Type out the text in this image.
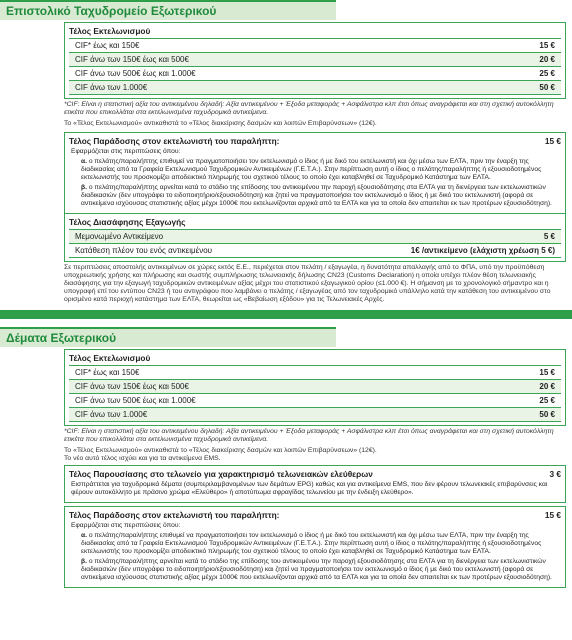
Επιστολικό Ταχυδρομείο Εξωτερικού
Τέλος Εκτελωνισμού
CIF* έως και 150€	15 €
CIF άνω των 150€ έως και 500€	20 €
CIF άνω των 500€ έως και 1.000€	25 €
CIF άνω των 1.000€	50 €
*CIF: Είναι η στατιστική αξία του αντικειμένου δηλαδή: Αξία αντικειμένου + Έξοδα μεταφοράς + Ασφάλιστρα κλπ έτσι όπως αναγράφεται και στη σχετική αυτοκόλλητη ετικέτα που επικολλάται στα εκτελωνισμένα ταχυδρομικά αντικείμενα.
Το «Τέλος Εκτελωνισμού» αντικαθιστά το «Τέλος διακείρισης δασμών και λοιπών Επιβαρύνσεων» (12€).
Τέλος Παράδοσης στον εκτελωνιστή του παραλήπτη:	15 €

Εφαρμόζεται στις περιπτώσεις όπου:

α. ο πελάτης/παραλήπτης επιθυμεί να πραγματοποιήσει τον εκτελωνισμό ο ίδιος ή με δικό του εκτελωνιστή και όχι μέσω των ΕΛΤΑ, πριν την έναρξη της διαδικασίας από τα Γραφεία Εκτελωνισμού Ταχυδρομικών Αντικειμένων (Γ.Ε.Τ.Α.). Στην περίπτωση αυτή ο ίδιος ο πελάτης/παραλήπτης ή εξουσιοδοτημένος εκτελωνιστής του προσκομίζει αποδεικτικό πληρωμής του σχετικού τέλους το οποίο έχει καταβληθεί σε Ταχυδρομικό Κατάστημα των ΕΛΤΑ.

β. ο πελάτης/παραλήπτης αρνείται κατά το στάδιο της επίδοσης του αντικειμένου την παροχή εξουσιοδότησης στα ΕΛΤΑ για τη διενέργεια των εκτελωνιστικών διαδικασιών (δεν υπογράφει το ειδοποιητήριο/εξουσιοδότηση) και ζητεί να πραγματοποιήσει τον εκτελωνισμό ο ίδιος ή με δικό του εκτελωνιστή (αφορά σε αντικείμενα ισχύουσας στατιστικής αξίας μέχρι 1000€ που εκτελωνίζονται αρχικά από τα ΕΛΤΑ και για τα οποία δεν απαιτείται εκ των προτέρων εξουσιοδότηση).

Τέλος Διασάφησης Εξαγωγής
Μεμονωμένο Αντικείμενο	5 €
Κατάθεση πλέον του ενός αντικειμένου	1€ /αντικείμενο (ελάχιστη χρέωση 5 €)
Σε περιπτώσεις αποστολής αντικειμένων σε χώρες εκτός Ε.Ε., περιέχεται στον πελάτη / εξαγωγέα, η δυνατότητα απαλλαγής από το ΦΠΑ, υπό την προϋπόθεση υποχρεωτικής χρήσης και πλήρωσης και σωστής συμπλήρωσης τελωνειακής δήλωσης CN23 (Customs Declaration) η οποία υπέχει πλέον θέση τελωνειακής διασάφησης για την εξαγωγή ταχυδρομικών αντικειμένων αξίας μέχρι του στατιστικού εξαγωγικού ορίου (≤1.000 €). Η σήμανση με το χρονολογικό σήμαντρο και η υπογραφή επί του εντύπου CN23 ή του αντιγράφου που λαμβάνει ο πελάτης / εξαγωγέας από τον ταχυδρομικό υπάλληλο κατά την κατάθεση του αντικειμένου στο ορισμένο κατά περιοχή κατάστημα των ΕΛΤΑ, θεωρείται ως «Βεβαίωση εξόδου» για τις Τελωνειακές Αρχές.
Δέματα Εξωτερικού
Τέλος Εκτελωνισμού
CIF* έως και 150€	15 €
CIF άνω των 150€ έως και 500€	20 €
CIF άνω των 500€ έως και 1.000€	25 €
CIF άνω των 1.000€	50 €
*CIF: Είναι η στατιστική αξία του αντικειμένου δηλαδή: Αξία αντικειμένου + Έξοδα μεταφοράς + Ασφάλιστρα κλπ έτσι όπως αναγράφεται και στη σχετική αυτοκόλλητη ετικέτα που επικολλάται στα εκτελωνισμένα ταχυδρομικά αντικείμενα.
Το «Τέλος Εκτελωνισμού» αντικαθιστά το «Τέλος διακείρισης δασμών και λοιπών Επιβαρύνσεων» (12€).
Το νέο αυτό τέλος ισχύει και για τα αντικείμενα EMS.
Τέλος Παρουσίασης στο τελωνείο για χαρακτηρισμό τελωνειακών ελεύθερων	3 €

Εισπράττεται για ταχυδρομικά δέματα (συμπεριλαμβανομένων των δεμάτων EPG) καθώς και για αντικείμενα EMS, που δεν φέρουν τελωνειακές επιβαρύνσεις και φέρουν αυτοκόλλητο με πράσινο χρώμα «Ελεύθερο» ή αποτύπωμα σφραγίδας τελωνείου με την ένδειξη ελεύθερο».

Τέλος Παράδοσης στον εκτελωνιστή του παραλήπτη:	15 €

Εφαρμόζεται στις περιπτώσεις όπου:

α. ο πελάτης/παραλήπτης επιθυμεί να πραγματοποιήσει τον εκτελωνισμό ο ίδιος ή με δικό του εκτελωνιστή και όχι μέσω των ΕΛΤΑ, πριν την έναρξη της διαδικασίας από τα Γραφεία Εκτελωνισμού Ταχυδρομικών Αντικειμένων (Γ.Ε.Τ.Α.). Στην περίπτωση αυτή ο ίδιος ο πελάτης/παραλήπτης ή εξουσιοδοτημένος εκτελωνιστής του προσκομίζει αποδεικτικό πληρωμής του σχετικού τέλους το οποίο έχει καταβληθεί σε Ταχυδρομικό Κατάστημα των ΕΛΤΑ.

β. ο πελάτης/παραλήπτης αρνείται κατά το στάδιο της επίδοσης του αντικειμένου την παροχή εξουσιοδότησης στα ΕΛΤΑ για τη διενέργεια των εκτελωνιστικών διαδικασιών (δεν υπογράφει το ειδοποιητήριο/εξουσιοδότηση) και ζητεί να πραγματοποιήσει τον εκτελωνισμό ο ίδιος ή με δικό του εκτελωνιστή (αφορά σε αντικείμενα ισχύουσας στατιστικής αξίας μέχρι 1000€ που εκτελωνίζονται αρχικά από τα ΕΛΤΑ και για τα οποία δεν απαιτείται εκ των προτέρων εξουσιοδότηση).
